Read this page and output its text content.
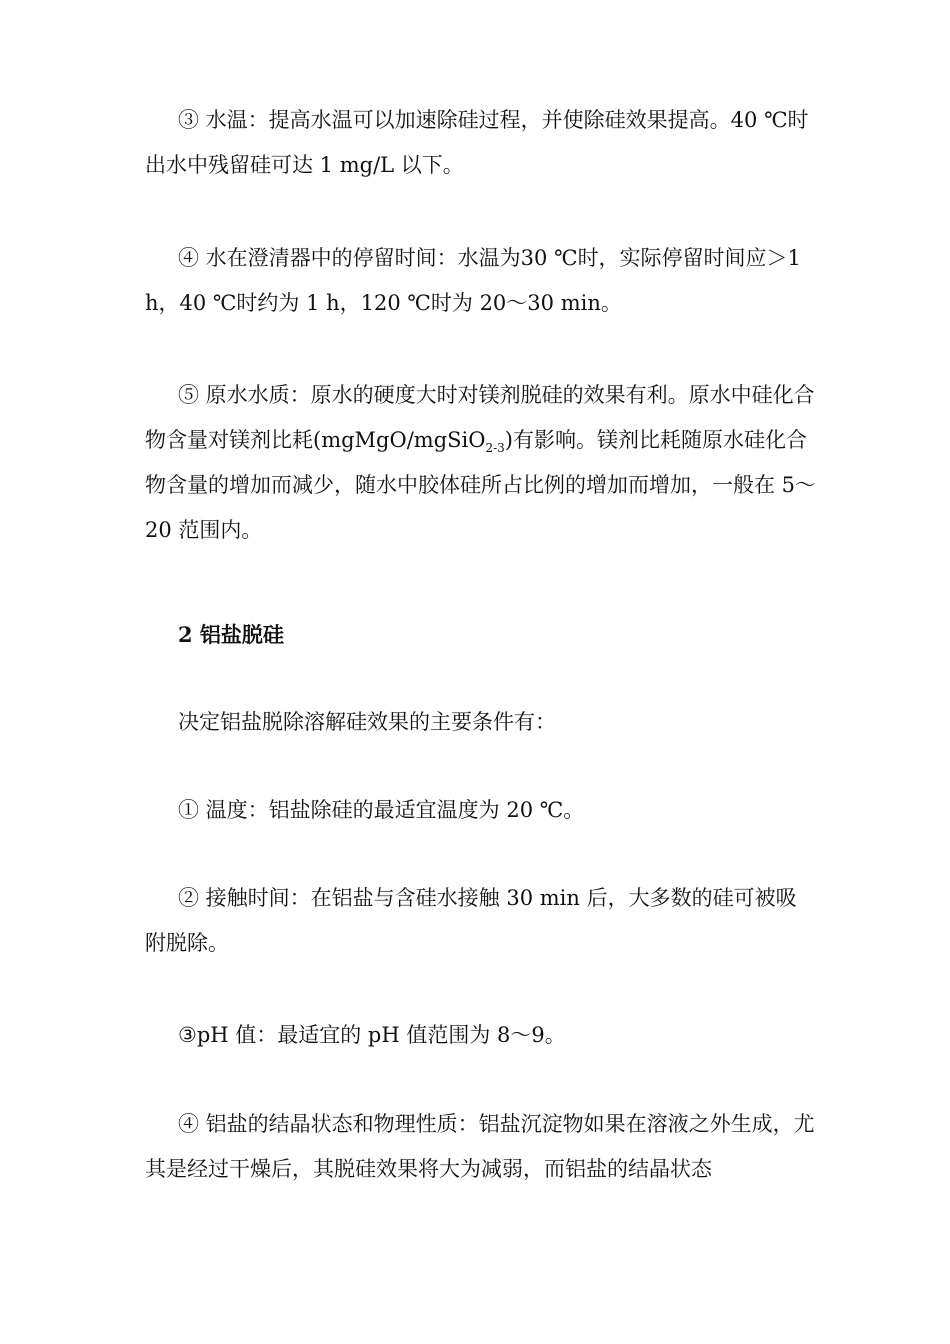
③ 水温：提高水温可以加速除硅过程，并使除硅效果提高。40 ℃时出水中残留硅可达 1 mg/L 以下。

④ 水在澄清器中的停留时间：水温为30 ℃时，实际停留时间应＞1 h，40 ℃时约为 1 h，120 ℃时为 20～30 min。

⑤ 原水水质：原水的硬度大时对镁剂脱硅的效果有利。原水中硅化合物含量对镁剂比耗(mgMgO/mgSiO$_{2-3}$)有影响。镁剂比耗随原水硅化合物含量的增加而减少，随水中胶体硅所占比例的增加而增加，一般在 5～20 范围内。

2 铝盐脱硅

决定铝盐脱除溶解硅效果的主要条件有：

① 温度：铝盐除硅的最适宜温度为 20 ℃。

② 接触时间：在铝盐与含硅水接触 30 min 后，大多数的硅可被吸附脱除。

③pH 值：最适宜的 pH 值范围为 8～9。

④ 铝盐的结晶状态和物理性质：铝盐沉淀物如果在溶液之外生成，尤其是经过干燥后，其脱硅效果将大为减弱，而铝盐的结晶状态
